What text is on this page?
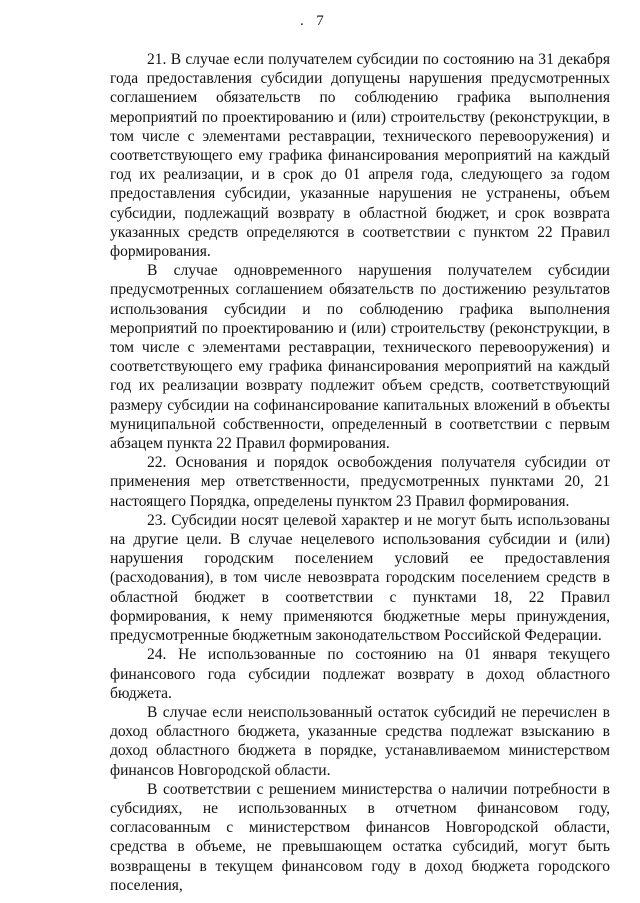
. 7

21. В случае если получателем субсидии по состоянию на 31 декабря года предоставления субсидии допущены нарушения предусмотренных соглашением обязательств по соблюдению графика выполнения мероприятий по проектированию и (или) строительству (реконструкции, в том числе с элементами реставрации, технического перевооружения) и соответствующего ему графика финансирования мероприятий на каждый год их реализации, и в срок до 01 апреля года, следующего за годом предоставления субсидии, указанные нарушения не устранены, объем субсидии, подлежащий возврату в областной бюджет, и срок возврата указанных средств определяются в соответствии с пунктом 22 Правил формирования.

В случае одновременного нарушения получателем субсидии предусмотренных соглашением обязательств по достижению результатов использования субсидии и по соблюдению графика выполнения мероприятий по проектированию и (или) строительству (реконструкции, в том числе с элементами реставрации, технического перевооружения) и соответствующего ему графика финансирования мероприятий на каждый год их реализации возврату подлежит объем средств, соответствующий размеру субсидии на софинансирование капитальных вложений в объекты муниципальной собственности, определенный в соответствии с первым абзацем пункта 22 Правил формирования.

22. Основания и порядок освобождения получателя субсидии от применения мер ответственности, предусмотренных пунктами 20, 21 настоящего Порядка, определены пунктом 23 Правил формирования.

23. Субсидии носят целевой характер и не могут быть использованы на другие цели. В случае нецелевого использования субсидии и (или) нарушения городским поселением условий ее предоставления (расходования), в том числе невозврата городским поселением средств в областной бюджет в соответствии с пунктами 18, 22 Правил формирования, к нему применяются бюджетные меры принуждения, предусмотренные бюджетным законодательством Российской Федерации.

24. Не использованные по состоянию на 01 января текущего финансового года субсидии подлежат возврату в доход областного бюджета.

В случае если неиспользованный остаток субсидий не перечислен в доход областного бюджета, указанные средства подлежат взысканию в доход областного бюджета в порядке, устанавливаемом министерством финансов Новгородской области.

В соответствии с решением министерства о наличии потребности в субсидиях, не использованных в отчетном финансовом году, согласованным с министерством финансов Новгородской области, средства в объеме, не превышающем остатка субсидий, могут быть возвращены в текущем финансовом году в доход бюджета городского поселения,
